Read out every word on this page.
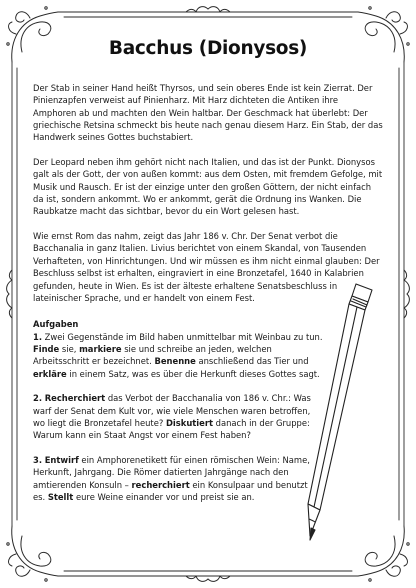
Bacchus (Dionysos)

Der Stab in seiner Hand heißt Thyrsos, und sein oberes Ende ist kein Zierrat. Der Pinienzapfen verweist auf Pinienharz. Mit Harz dichteten die Antiken ihre Amphoren ab und machten den Wein haltbar. Der Geschmack hat überlebt: Der griechische Retsina schmeckt bis heute nach genau diesem Harz. Ein Stab, der das Handwerk seines Gottes buchstabiert.

Der Leopard neben ihm gehört nicht nach Italien, und das ist der Punkt. Dionysos galt als der Gott, der von außen kommt: aus dem Osten, mit fremdem Gefolge, mit Musik und Rausch. Er ist der einzige unter den großen Göttern, der nicht einfach da ist, sondern ankommt. Wo er ankommt, gerät die Ordnung ins Wanken. Die Raubkatze macht das sichtbar, bevor du ein Wort gelesen hast.

Wie ernst Rom das nahm, zeigt das Jahr 186 v. Chr. Der Senat verbot die Bacchanalia in ganz Italien. Livius berichtet von einem Skandal, von Tausenden Verhafteten, von Hinrichtungen. Und wir müssen es ihm nicht einmal glauben: Der Beschluss selbst ist erhalten, eingraviert in eine Bronzetafel, 1640 in Kalabrien gefunden, heute in Wien. Es ist der älteste erhaltene Senatsbeschluss in lateinischer Sprache, und er handelt von einem Fest.

Aufgaben

1. Zwei Gegenstände im Bild haben unmittelbar mit Weinbau zu tun. Finde sie, markiere sie und schreibe an jeden, welchen Arbeitsschritt er bezeichnet. Benenne anschließend das Tier und erkläre in einem Satz, was es über die Herkunft dieses Gottes sagt.

2. Recherchiert das Verbot der Bacchanalia von 186 v. Chr.: Was warf der Senat dem Kult vor, wie viele Menschen waren betroffen, wo liegt die Bronzetafel heute? Diskutiert danach in der Gruppe: Warum kann ein Staat Angst vor einem Fest haben?

3. Entwirf ein Amphorenetikett für einen römischen Wein: Name, Herkunft, Jahrgang. Die Römer datierten Jahrgänge nach den amtierenden Konsuln – recherchiert ein Konsulpaar und benutzt es. Stellt eure Weine einander vor und preist sie an.
